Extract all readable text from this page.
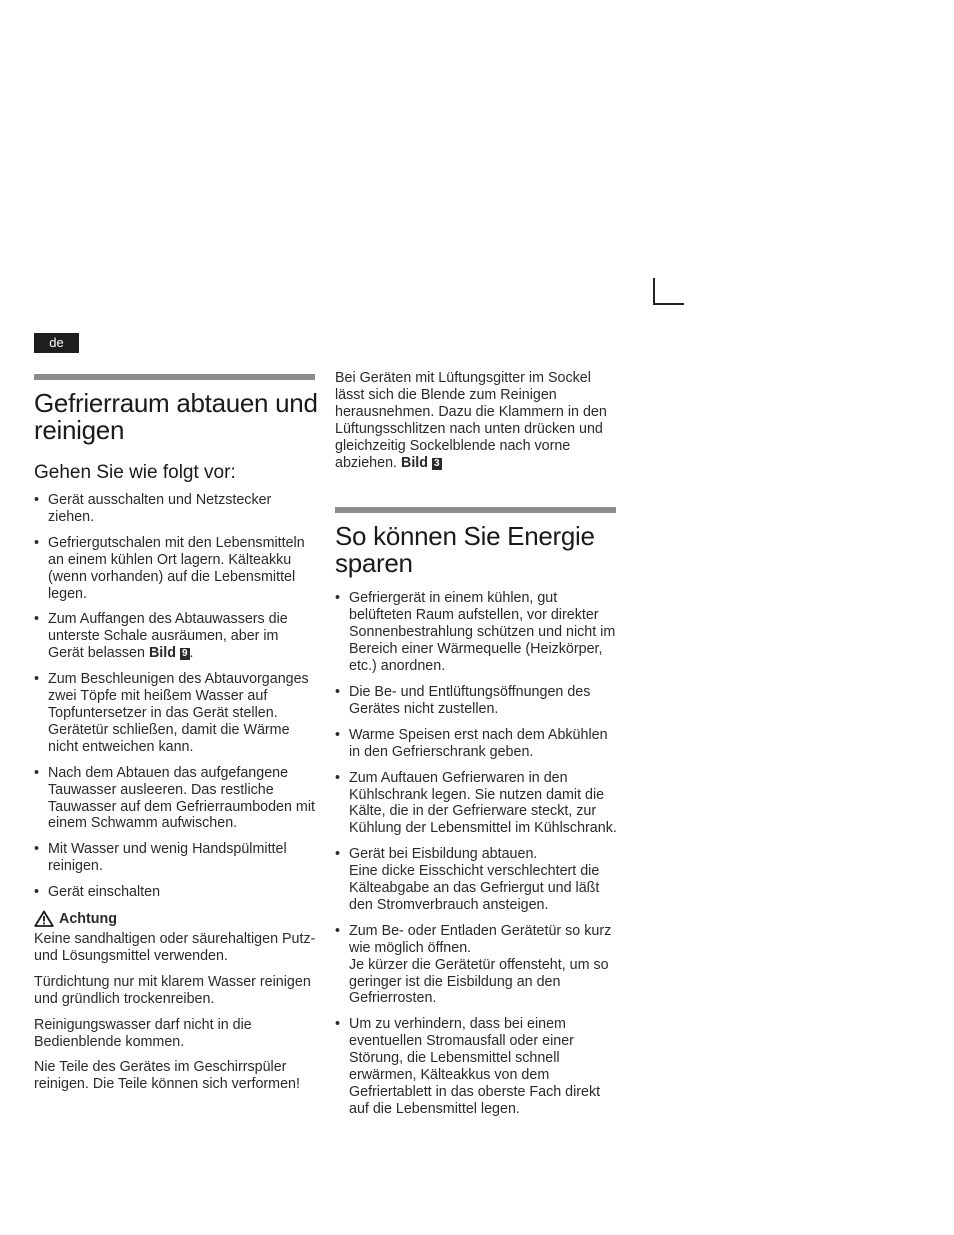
de
Gefrierraum abtauen und reinigen
Gehen Sie wie folgt vor:
• Gerät ausschalten und Netzstecker ziehen.
• Gefriergutschalen mit den Lebensmitteln an einem kühlen Ort lagern. Kälteakku (wenn vorhanden) auf die Lebensmittel legen.
• Zum Auffangen des Abtauwassers die unterste Schale ausräumen, aber im Gerät belassen Bild 9 .
• Zum Beschleunigen des Abtauvorganges zwei Töpfe mit heißem Wasser auf Topfuntersetzer in das Gerät stellen. Gerätetür schließen, damit die Wärme nicht entweichen kann.
• Nach dem Abtauen das aufgefangene Tauwasser ausleeren. Das restliche Tauwasser auf dem Gefrierraumboden mit einem Schwamm aufwischen.
• Mit Wasser und wenig Handspülmittel reinigen.
• Gerät einschalten
Achtung

Keine sandhaltigen oder säurehaltigen Putz- und Lösungsmittel verwenden.

Türdichtung nur mit klarem Wasser reinigen und gründlich trockenreiben.

Reinigungswasser darf nicht in die Bedienblende kommen.

Nie Teile des Gerätes im Geschirrspüler reinigen. Die Teile können sich verformen!

Bei Geräten mit Lüftungsgitter im Sockel lässt sich die Blende zum Reinigen herausnehmen. Dazu die Klammern in den Lüftungsschlitzen nach unten drücken und gleichzeitig Sockelblende nach vorne abziehen. Bild 3

So können Sie Energie sparen
• Gefriergerät in einem kühlen, gut belüfteten Raum aufstellen, vor direkter Sonnenbestrahlung schützen und nicht im Bereich einer Wärmequelle (Heizkörper, etc.) anordnen.
• Die Be- und Entlüftungsöffnungen des Gerätes nicht zustellen.
• Warme Speisen erst nach dem Abkühlen in den Gefrierschrank geben.
• Zum Auftauen Gefrierwaren in den Kühlschrank legen. Sie nutzen damit die Kälte, die in der Gefrierware steckt, zur Kühlung der Lebensmittel im Kühlschrank.
• Gerät bei Eisbildung abtauen.
Eine dicke Eisschicht verschlechtert die Kälteabgabe an das Gefriergut und läßt den Stromverbrauch ansteigen.
• Zum Be- oder Entladen Gerätetür so kurz wie möglich öffnen.
Je kürzer die Gerätetür offensteht, um so geringer ist die Eisbildung an den Gefrierrosten.
• Um zu verhindern, dass bei einem eventuellen Stromausfall oder einer Störung, die Lebensmittel schnell erwärmen, Kälteakkus von dem Gefriertablett in das oberste Fach direkt auf die Lebensmittel legen.
